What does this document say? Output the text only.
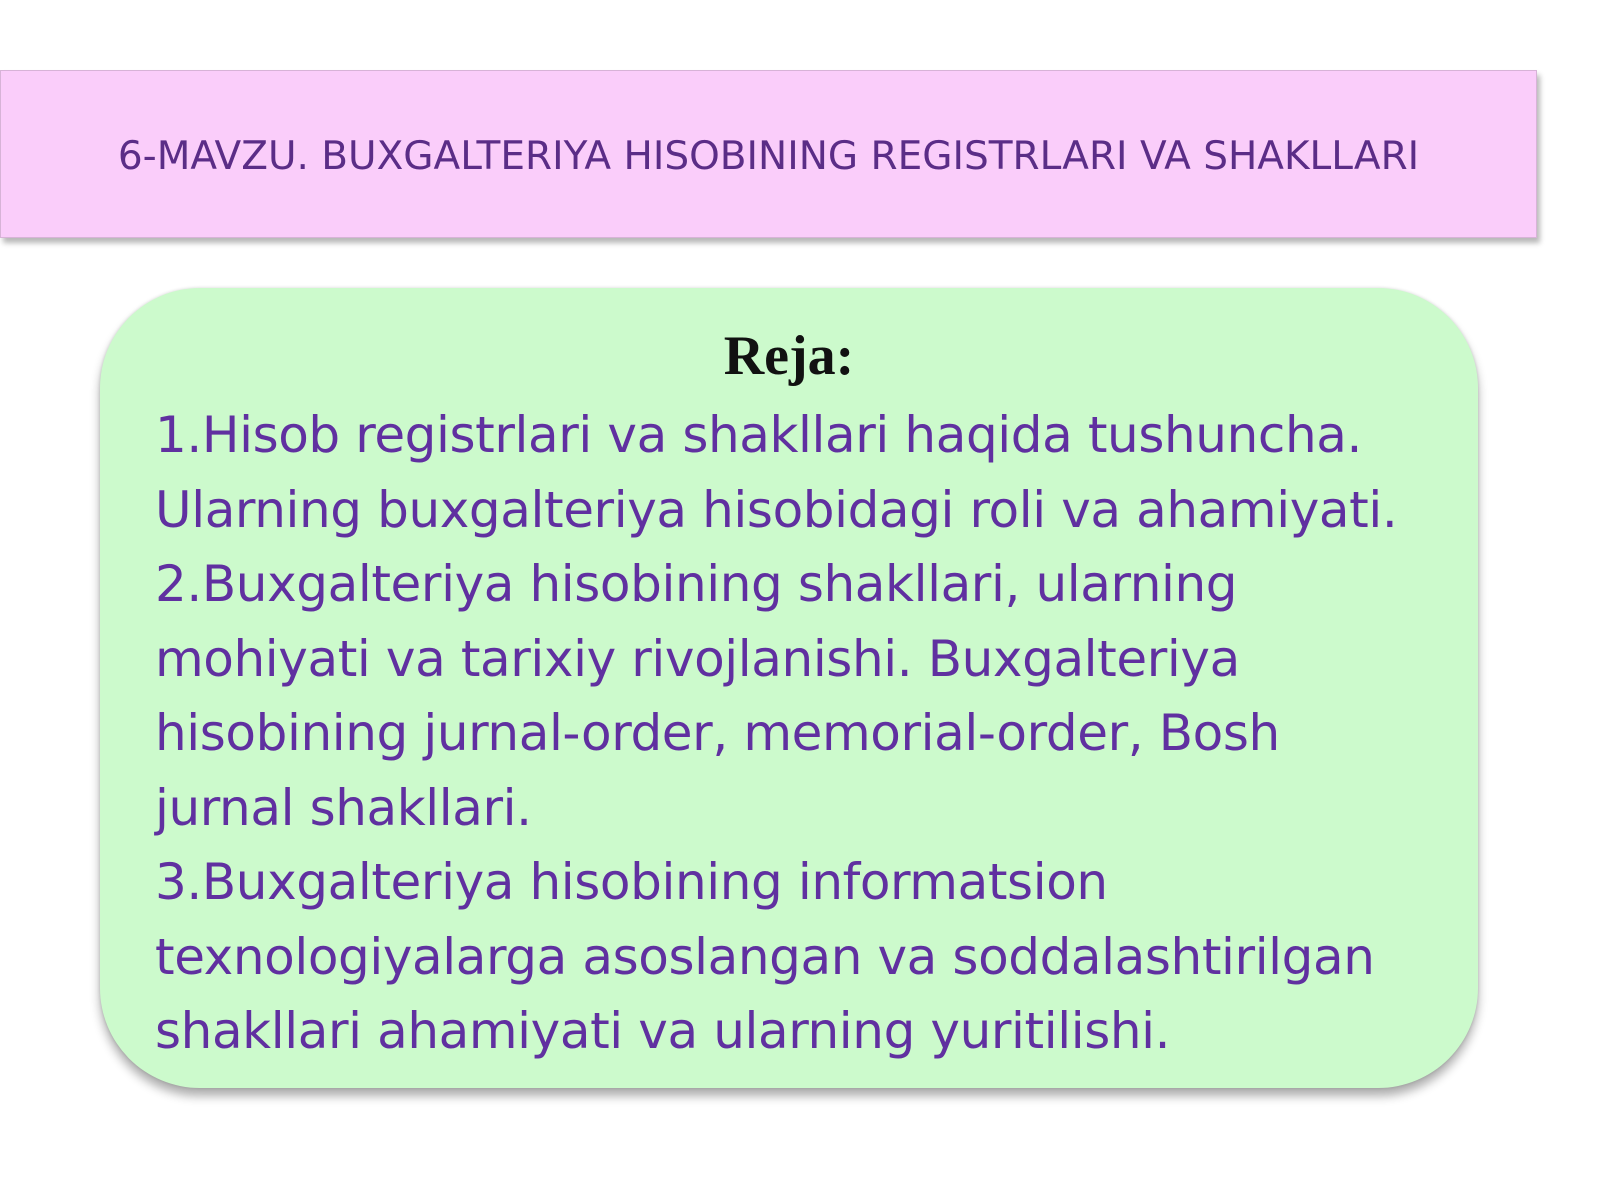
6-MAVZU. BUXGALTERIYA HISOBINING REGISTRLARI VA SHAKLLARI
Reja:
1.Hisob registrlari va shakllari haqida tushuncha.
Ularning buxgalteriya hisobidagi roli va ahamiyati.
2.Buxgalteriya hisobining shakllari, ularning
mohiyati va tarixiy rivojlanishi. Buxgalteriya
hisobining jurnal-order, memorial-order, Bosh
jurnal shakllari.
3.Buxgalteriya hisobining informatsion
texnologiyalarga asoslangan va soddalashtirilgan
shakllari ahamiyati va ularning yuritilishi.
